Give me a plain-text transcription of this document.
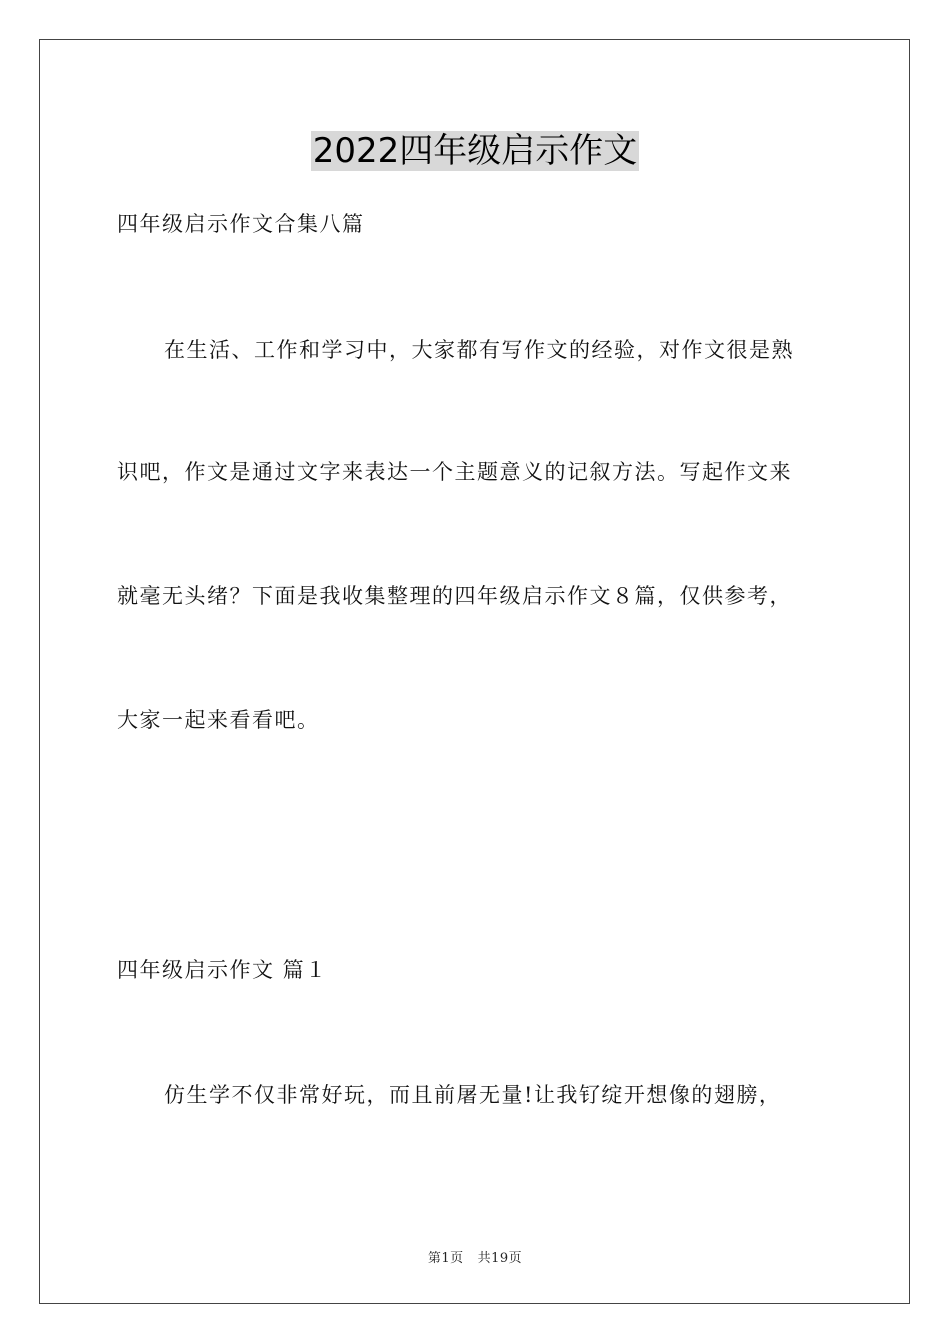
2022四年级启示作文
四年级启示作文合集八篇
在生活、工作和学习中，大家都有写作文的经验，对作文很是熟
识吧，作文是通过文字来表达一个主题意义的记叙方法。写起作文来
就毫无头绪？下面是我收集整理的四年级启示作文８篇，仅供参考，
大家一起来看看吧。
四年级启示作文 篇１
仿生学不仅非常好玩，而且前屠无量!让我钌绽开想像的翅膀，
第1页 共19页
